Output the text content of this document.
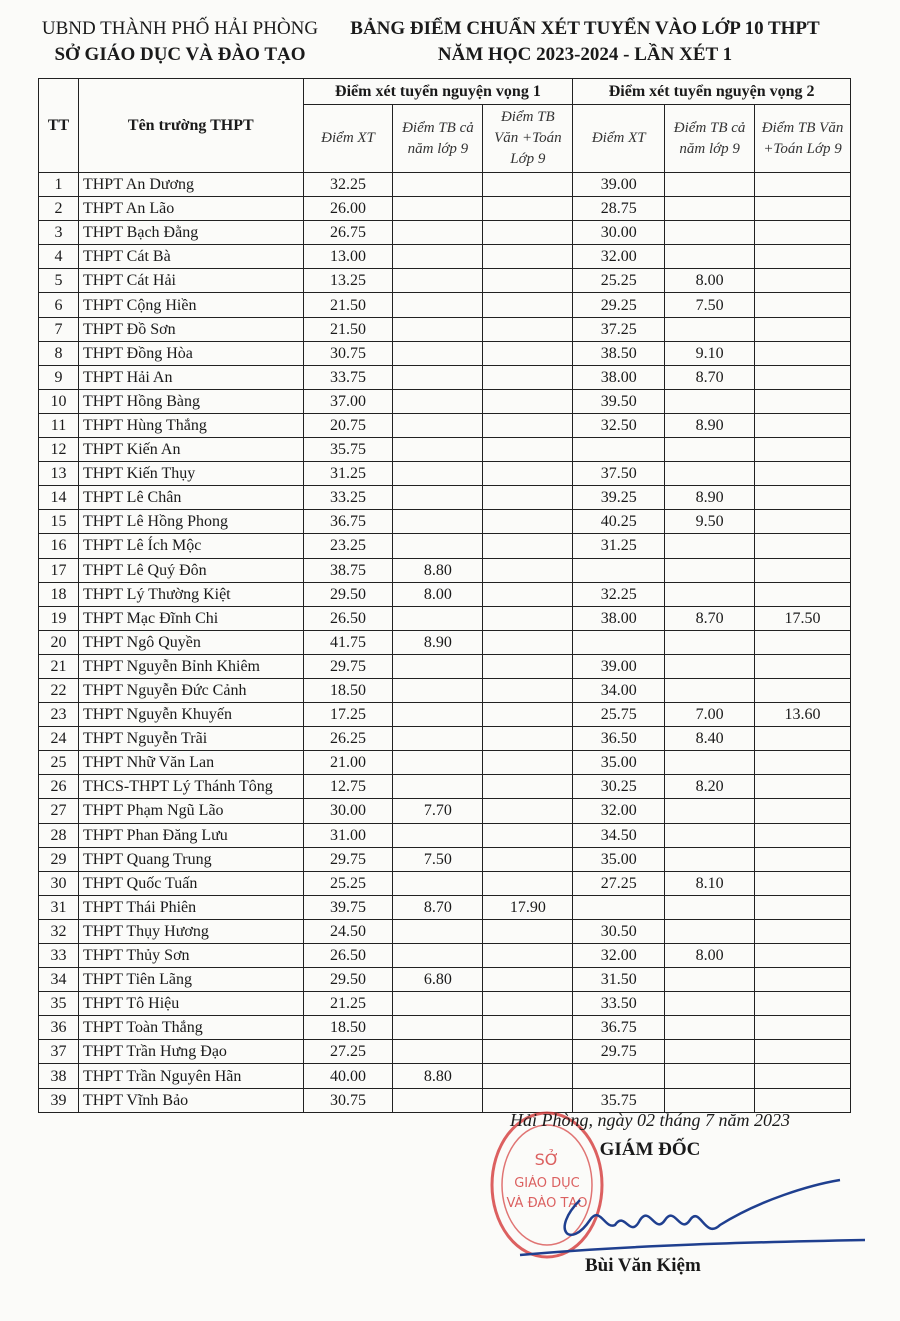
UBND THÀNH PHỐ HẢI PHÒNG
SỞ GIÁO DỤC VÀ ĐÀO TẠO
BẢNG ĐIỂM CHUẨN XÉT TUYỂN VÀO LỚP 10 THPT
NĂM HỌC 2023-2024 - LẦN XÉT 1
TT	Tên trường THPT	Điểm xét tuyển nguyện vọng 1			Điểm xét tuyển nguyện vọng 2		
		Điểm XT	Điểm TB cả năm lớp 9	Điểm TB Văn +Toán Lớp 9	Điểm XT	Điểm TB cả năm lớp 9	Điểm TB Văn +Toán Lớp 9
1	THPT An Dương	32.25			39.00		
2	THPT An Lão	26.00			28.75		
3	THPT Bạch Đằng	26.75			30.00		
4	THPT Cát Bà	13.00			32.00		
5	THPT Cát Hải	13.25			25.25	8.00	
6	THPT Cộng Hiền	21.50			29.25	7.50	
7	THPT Đồ Sơn	21.50			37.25		
8	THPT Đồng Hòa	30.75			38.50	9.10	
9	THPT Hải An	33.75			38.00	8.70	
10	THPT Hồng Bàng	37.00			39.50		
11	THPT Hùng Thắng	20.75			32.50	8.90	
12	THPT Kiến An	35.75					
13	THPT Kiến Thụy	31.25			37.50		
14	THPT Lê Chân	33.25			39.25	8.90	
15	THPT Lê Hồng Phong	36.75			40.25	9.50	
16	THPT Lê Ích Mộc	23.25			31.25		
17	THPT Lê Quý Đôn	38.75	8.80				
18	THPT Lý Thường Kiệt	29.50	8.00		32.25		
19	THPT Mạc Đĩnh Chi	26.50			38.00	8.70	17.50
20	THPT Ngô Quyền	41.75	8.90				
21	THPT Nguyễn Bỉnh Khiêm	29.75			39.00		
22	THPT Nguyễn Đức Cảnh	18.50			34.00		
23	THPT Nguyễn Khuyến	17.25			25.75	7.00	13.60
24	THPT Nguyễn Trãi	26.25			36.50	8.40	
25	THPT Nhữ Văn Lan	21.00			35.00		
26	THCS-THPT Lý Thánh Tông	12.75			30.25	8.20	
27	THPT Phạm Ngũ Lão	30.00	7.70		32.00		
28	THPT Phan Đăng Lưu	31.00			34.50		
29	THPT Quang Trung	29.75	7.50		35.00		
30	THPT Quốc Tuấn	25.25			27.25	8.10	
31	THPT Thái Phiên	39.75	8.70	17.90			
32	THPT Thụy Hương	24.50			30.50		
33	THPT Thủy Sơn	26.50			32.00	8.00	
34	THPT Tiên Lãng	29.50	6.80		31.50		
35	THPT Tô Hiệu	21.25			33.50		
36	THPT Toàn Thắng	18.50			36.75		
37	THPT Trần Hưng Đạo	27.25			29.75		
38	THPT Trần Nguyên Hãn	40.00	8.80				
39	THPT Vĩnh Bảo	30.75			35.75		
SỞ
GIÁO DỤC
VÀ ĐÀO TẠO
Hải Phòng, ngày 02 tháng 7 năm 2023
GIÁM ĐỐC
Bùi Văn Kiệm
